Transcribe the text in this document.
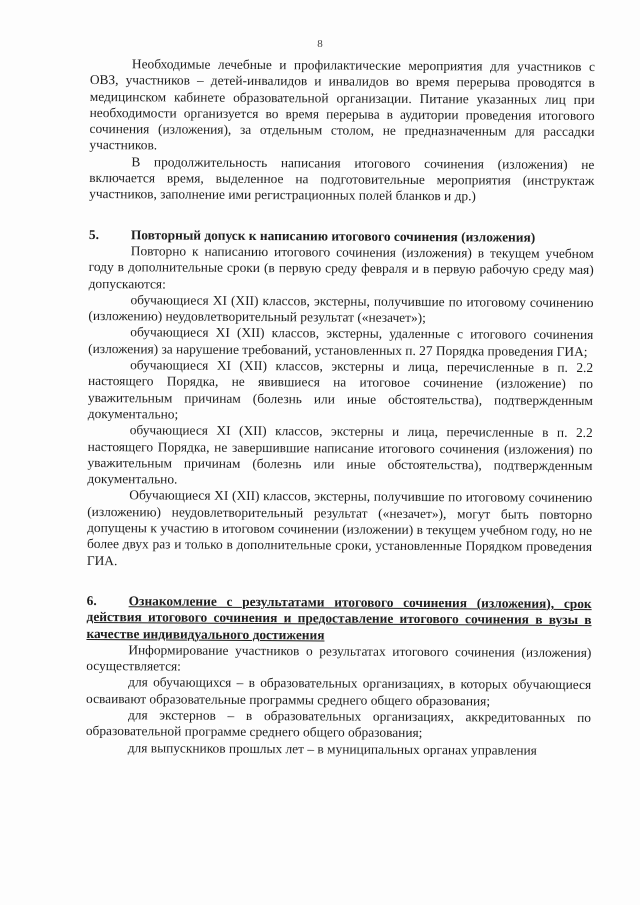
8

Необходимые лечебные и профилактические мероприятия для участников с ОВЗ, участников – детей-инвалидов и инвалидов во время перерыва проводятся в медицинском кабинете образовательной организации. Питание указанных лиц при необходимости организуется во время перерыва в аудитории проведения итогового сочинения (изложения), за отдельным столом, не предназначенным для рассадки участников.

В продолжительность написания итогового сочинения (изложения) не включается время, выделенное на подготовительные мероприятия (инструктаж участников, заполнение ими регистрационных полей бланков и др.)

5. Повторный допуск к написанию итогового сочинения (изложения)

Повторно к написанию итогового сочинения (изложения) в текущем учебном году в дополнительные сроки (в первую среду февраля и в первую рабочую среду мая) допускаются:

обучающиеся XI (XII) классов, экстерны, получившие по итоговому сочинению (изложению) неудовлетворительный результат («незачет»);

обучающиеся XI (XII) классов, экстерны, удаленные с итогового сочинения (изложения) за нарушение требований, установленных п. 27 Порядка проведения ГИА;

обучающиеся XI (XII) классов, экстерны и лица, перечисленные в п. 2.2 настоящего Порядка, не явившиеся на итоговое сочинение (изложение) по уважительным причинам (болезнь или иные обстоятельства), подтвержденным документально;

обучающиеся XI (XII) классов, экстерны и лица, перечисленные в п. 2.2 настоящего Порядка, не завершившие написание итогового сочинения (изложения) по уважительным причинам (болезнь или иные обстоятельства), подтвержденным документально.

Обучающиеся XI (XII) классов, экстерны, получившие по итоговому сочинению (изложению) неудовлетворительный результат («незачет»), могут быть повторно допущены к участию в итоговом сочинении (изложении) в текущем учебном году, но не более двух раз и только в дополнительные сроки, установленные Порядком проведения ГИА.

6. Ознакомление с результатами итогового сочинения (изложения), срок действия итогового сочинения и предоставление итогового сочинения в вузы в качестве индивидуального достижения

Информирование участников о результатах итогового сочинения (изложения) осуществляется:

для обучающихся – в образовательных организациях, в которых обучающиеся осваивают образовательные программы среднего общего образования;

для экстернов – в образовательных организациях, аккредитованных по образовательной программе среднего общего образования;

для выпускников прошлых лет – в муниципальных органах управления
